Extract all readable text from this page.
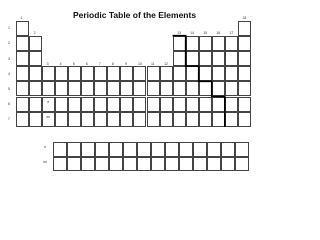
Periodic Table of the Elements
1
2
3	4	5	6	7	8	9	10	11	12
13	14	15	16	17
18
1
2
3
4
5
6
7
*
**
*
**
